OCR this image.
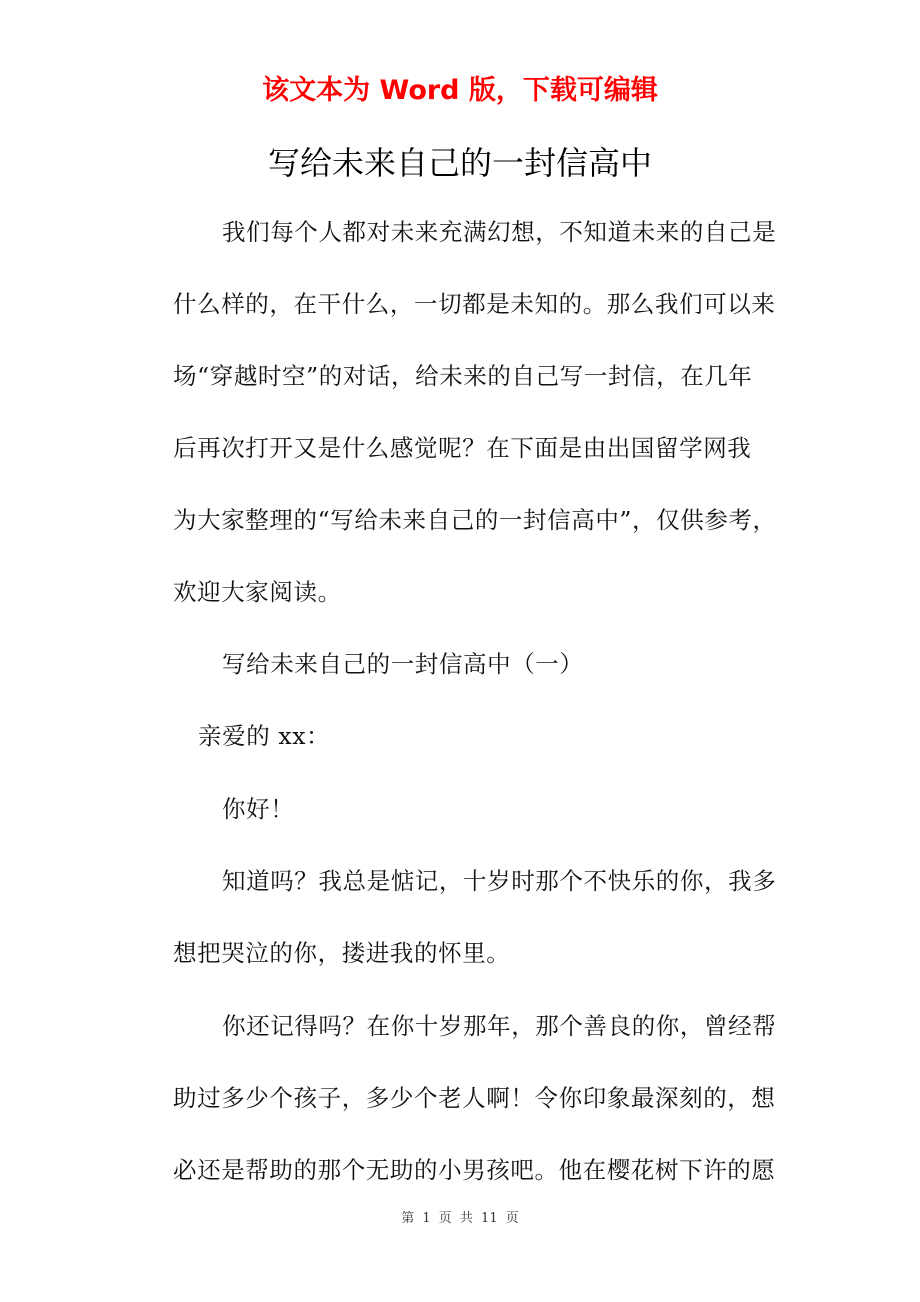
该文本为 Word 版，下载可编辑
写给未来自己的一封信高中
我们每个人都对未来充满幻想，不知道未来的自己是
什么样的，在干什么，一切都是未知的。那么我们可以来
场“穿越时空”的对话，给未来的自己写一封信，在几年
后再次打开又是什么感觉呢？在下面是由出国留学网我
为大家整理的“写给未来自己的一封信高中”，仅供参考，
欢迎大家阅读。
写给未来自己的一封信高中（一）
亲爱的 xx：
你好！
知道吗？我总是惦记，十岁时那个不快乐的你，我多
想把哭泣的你，搂进我的怀里。
你还记得吗？在你十岁那年，那个善良的你，曾经帮
助过多少个孩子，多少个老人啊！令你印象最深刻的，想
必还是帮助的那个无助的小男孩吧。他在樱花树下许的愿
第 1 页 共 11 页
